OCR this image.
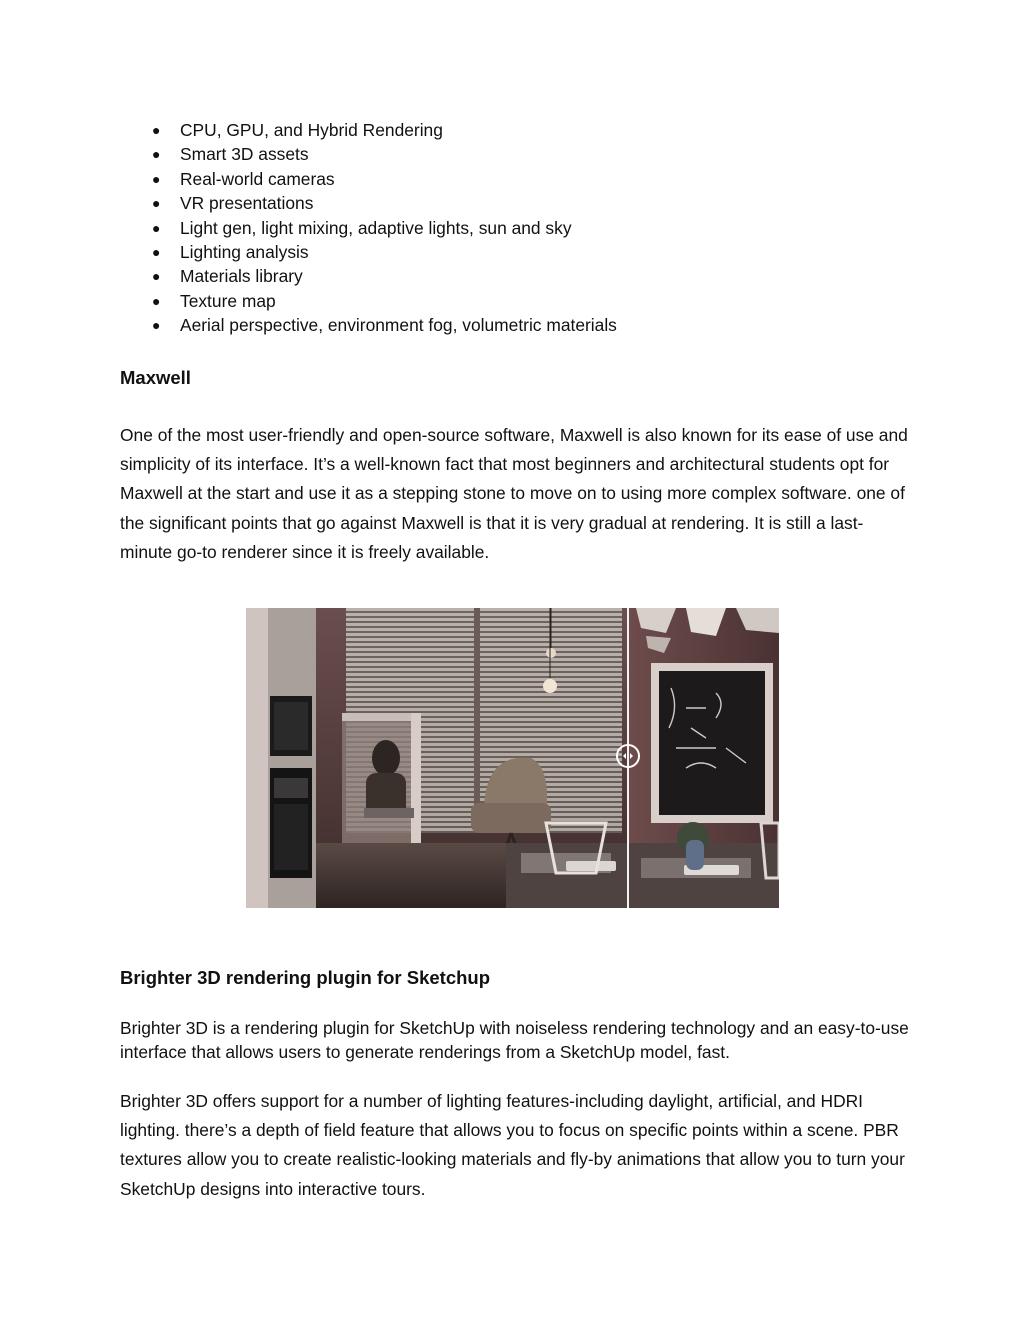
● CPU, GPU, and Hybrid Rendering
● Smart 3D assets
● Real-world cameras
● VR presentations
● Light gen, light mixing, adaptive lights, sun and sky
● Lighting analysis
● Materials library
● Texture map
● Aerial perspective, environment fog, volumetric materials
Maxwell

One of the most user-friendly and open-source software, Maxwell is also known for its ease of use and simplicity of its interface. It’s a well-known fact that most beginners and architectural students opt for Maxwell at the start and use it as a stepping stone to move on to using more complex software. one of the significant points that go against Maxwell is that it is very gradual at rendering. It is still a last-minute go-to renderer since it is freely available.

Brighter 3D rendering plugin for Sketchup

Brighter 3D is a rendering plugin for SketchUp with noiseless rendering technology and an easy-to-use interface that allows users to generate renderings from a SketchUp model, fast.

Brighter 3D offers support for a number of lighting features-including daylight, artificial, and HDRI lighting. there’s a depth of field feature that allows you to focus on specific points within a scene. PBR textures allow you to create realistic-looking materials and fly-by animations that allow you to turn your SketchUp designs into interactive tours.
